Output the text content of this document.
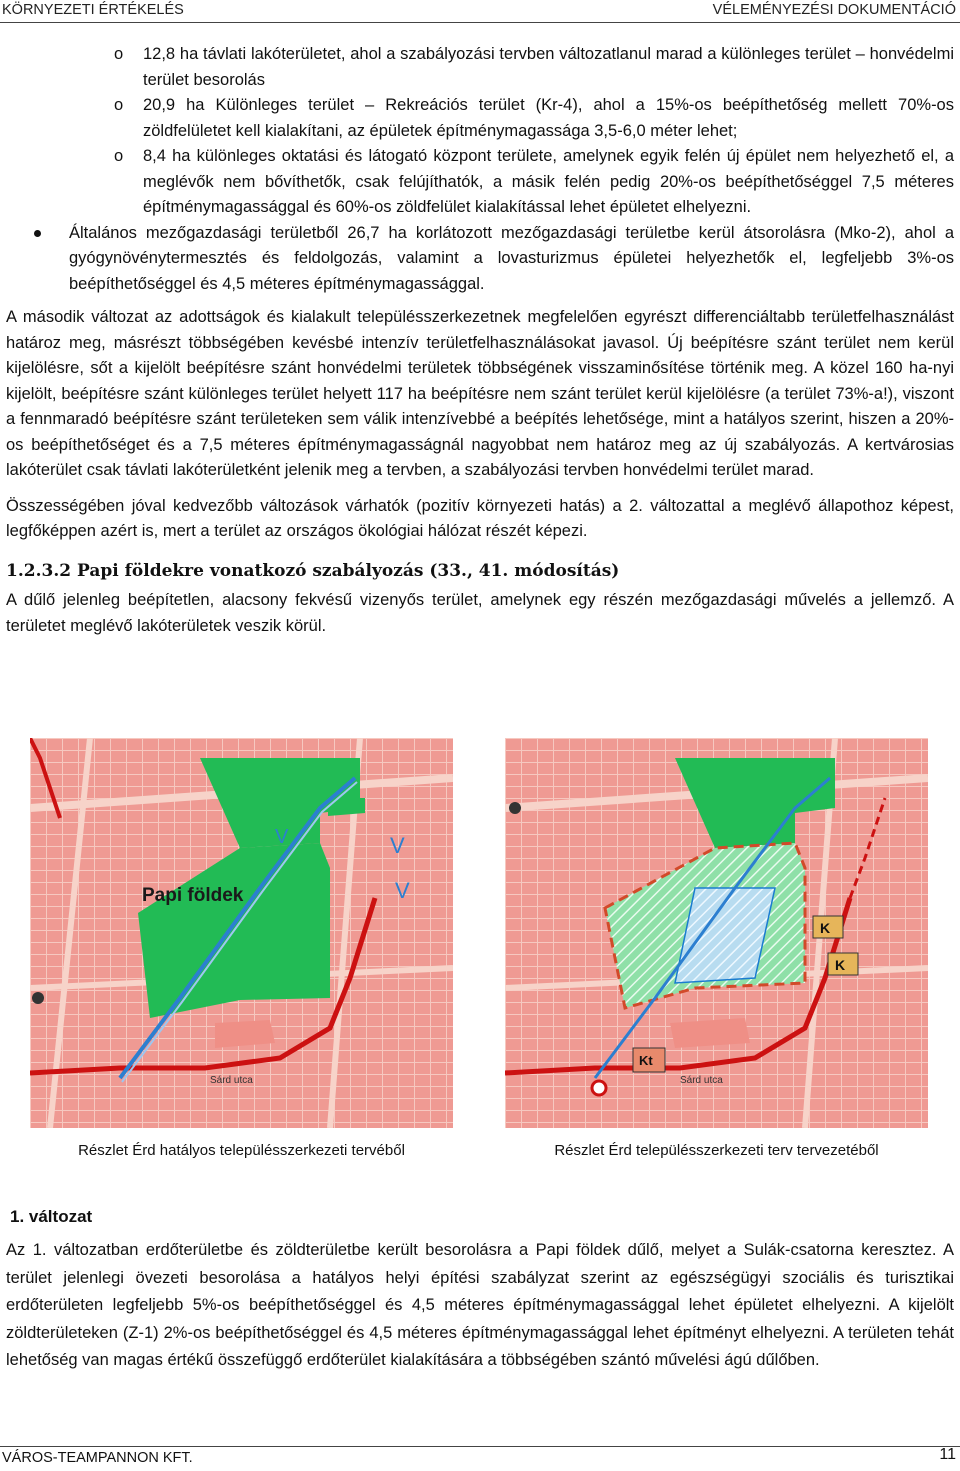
KÖRNYEZETI ÉRTÉKELÉS	VÉLEMÉNYEZÉSI DOKUMENTÁCIÓ
o 12,8 ha távlati lakóterületet, ahol a szabályozási tervben változatlanul marad a különleges terület – honvédelmi terület besorolás
o 20,9 ha Különleges terület – Rekreációs terület (Kr-4), ahol a 15%-os beépíthetőség mellett 70%-os zöldfelületet kell kialakítani, az épületek építménymagassága 3,5-6,0 méter lehet;
o 8,4 ha különleges oktatási és látogató központ területe, amelynek egyik felén új épület nem helyezhető el, a meglévők nem bővíthetők, csak felújíthatók, a másik felén pedig 20%-os beépíthetőséggel 7,5 méteres építménymagassággal és 60%-os zöldfelület kialakítással lehet épületet elhelyezni.
Általános mezőgazdasági területből 26,7 ha korlátozott mezőgazdasági területbe kerül átsorolásra (Mko-2), ahol a gyógynövénytermesztés és feldolgozás, valamint a lovasturizmus épületei helyezhetők el, legfeljebb 3%-os beépíthetőséggel és 4,5 méteres építménymagassággal.

A második változat az adottságok és kialakult településszerkezetnek megfelelően egyrészt differenciáltabb területfelhasználást határoz meg, másrészt többségében kevésbé intenzív területfelhasználásokat javasol. Új beépítésre szánt terület nem kerül kijelölésre, sőt a kijelölt beépítésre szánt honvédelmi területek többségének visszaminősítése történik meg. A közel 160 ha-nyi kijelölt, beépítésre szánt különleges terület helyett 117 ha beépítésre nem szánt terület kerül kijelölésre (a terület 73%-a!), viszont a fennmaradó beépítésre szánt területeken sem válik intenzívebbé a beépítés lehetősége, mint a hatályos szerint, hiszen a 20%-os beépíthetőséget és a 7,5 méteres építménymagasságnál nagyobbat nem határoz meg az új szabályozás. A kertvárosias lakóterület csak távlati lakóterületként jelenik meg a tervben, a szabályozási tervben honvédelmi terület marad.

Összességében jóval kedvezőbb változások várhatók (pozitív környezeti hatás) a 2. változattal a meglévő állapothoz képest, legfőképpen azért is, mert a terület az országos ökológiai hálózat részét képezi.

1.2.3.2 Papi földekre vonatkozó szabályozás (33., 41. módosítás)

A dűlő jelenleg beépítetlen, alacsony fekvésű vizenyős terület, amelynek egy részén mezőgazdasági művelés a jellemző. A területet meglévő lakóterületek veszik körül.

V
V
V
Papi földek
Sárd utca
K
K
Kt
Sárd utca
Részlet Érd hatályos településszerkezeti tervéből	Részlet Érd településszerkezeti terv tervezetéből
1. változat
Az 1. változatban erdőterületbe és zöldterületbe került besorolásra a Papi földek dűlő, melyet a Sulák-csatorna keresztez. A terület jelenlegi övezeti besorolása a hatályos helyi építési szabályzat szerint az egészségügyi szociális és turisztikai erdőterületen legfeljebb 5%-os beépíthetőséggel és 4,5 méteres építménymagassággal lehet épületet elhelyezni. A kijelölt zöldterületeken (Z-1) 2%-os beépíthetőséggel és 4,5 méteres építménymagassággal lehet építményt elhelyezni. A területen tehát lehetőség van magas értékű összefüggő erdőterület kialakítására a többségében szántó művelési ágú dűlőben.
VÁROS-TEAMPANNON KFT.	11
